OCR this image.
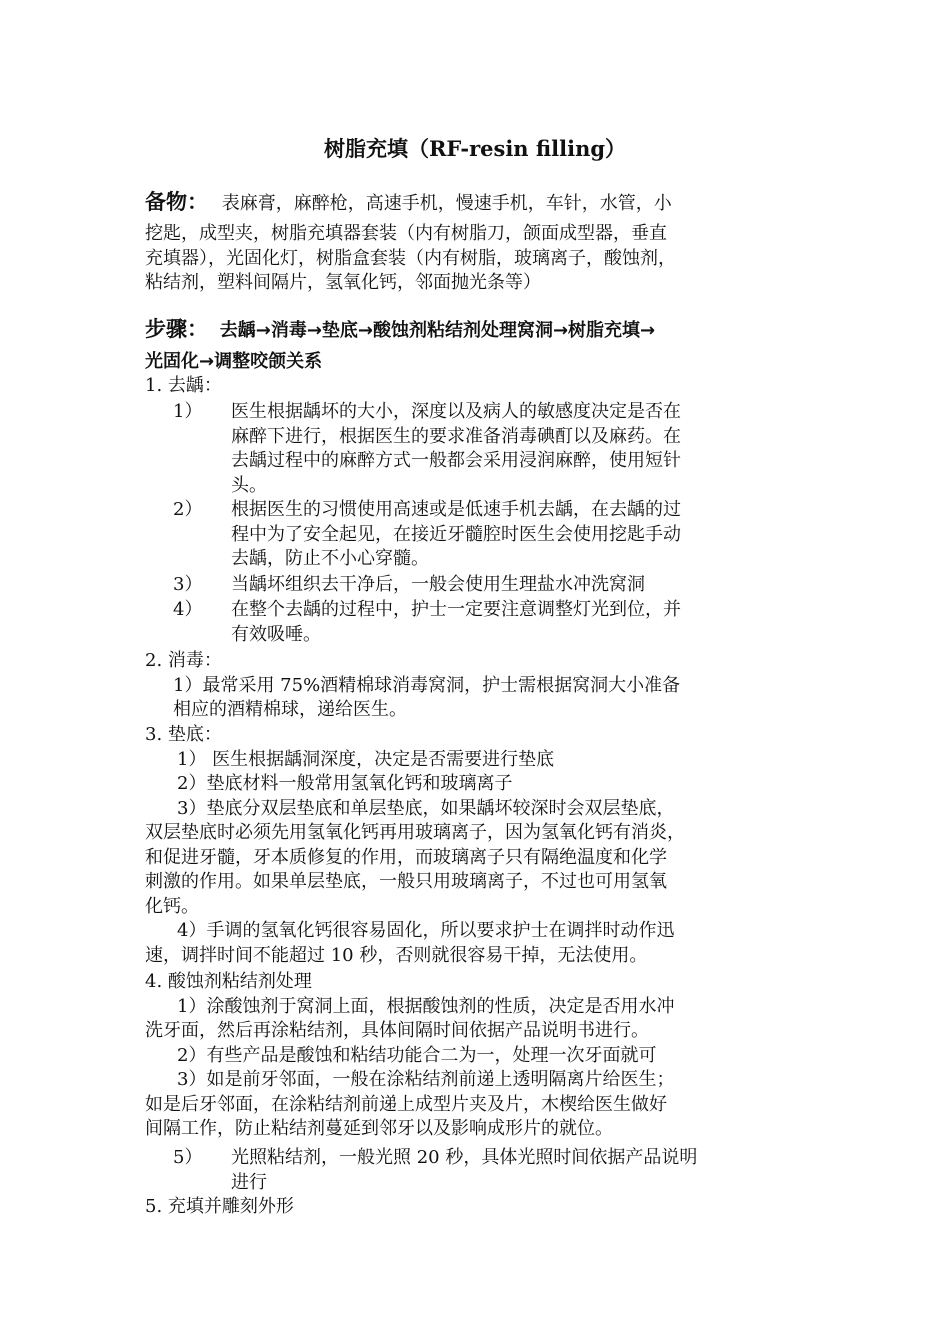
树脂充填（RF-resin filling）
备物： 表麻膏，麻醉枪，高速手机，慢速手机，车针，水管，小
挖匙，成型夹，树脂充填器套装（内有树脂刀，颌面成型器，垂直
充填器），光固化灯，树脂盒套装（内有树脂，玻璃离子，酸蚀剂，
粘结剂，塑料间隔片，氢氧化钙，邻面抛光条等）
步骤： 去龋→消毒→垫底→酸蚀剂粘结剂处理窝洞→树脂充填→
光固化→调整咬颌关系
1. 去龋：
1） 医生根据龋坏的大小，深度以及病人的敏感度决定是否在
麻醉下进行，根据医生的要求准备消毒碘酊以及麻药。在
去龋过程中的麻醉方式一般都会采用浸润麻醉，使用短针
头。
2） 根据医生的习惯使用高速或是低速手机去龋，在去龋的过
程中为了安全起见，在接近牙髓腔时医生会使用挖匙手动
去龋，防止不小心穿髓。
3） 当龋坏组织去干净后，一般会使用生理盐水冲洗窝洞
4） 在整个去龋的过程中，护士一定要注意调整灯光到位，并
有效吸唾。
2. 消毒：
1）最常采用 75%酒精棉球消毒窝洞，护士需根据窝洞大小准备
相应的酒精棉球，递给医生。
3. 垫底：
1） 医生根据龋洞深度，决定是否需要进行垫底
2）垫底材料一般常用氢氧化钙和玻璃离子
3）垫底分双层垫底和单层垫底，如果龋坏较深时会双层垫底，
双层垫底时必须先用氢氧化钙再用玻璃离子，因为氢氧化钙有消炎，
和促进牙髓，牙本质修复的作用，而玻璃离子只有隔绝温度和化学
刺激的作用。如果单层垫底，一般只用玻璃离子，不过也可用氢氧
化钙。
4）手调的氢氧化钙很容易固化，所以要求护士在调拌时动作迅
速，调拌时间不能超过 10 秒，否则就很容易干掉，无法使用。
4. 酸蚀剂粘结剂处理
1）涂酸蚀剂于窝洞上面，根据酸蚀剂的性质，决定是否用水冲
洗牙面，然后再涂粘结剂，具体间隔时间依据产品说明书进行。
2）有些产品是酸蚀和粘结功能合二为一，处理一次牙面就可
3）如是前牙邻面，一般在涂粘结剂前递上透明隔离片给医生；
如是后牙邻面，在涂粘结剂前递上成型片夹及片，木楔给医生做好
间隔工作，防止粘结剂蔓延到邻牙以及影响成形片的就位。
5） 光照粘结剂，一般光照 20 秒，具体光照时间依据产品说明
进行
5. 充填并雕刻外形
